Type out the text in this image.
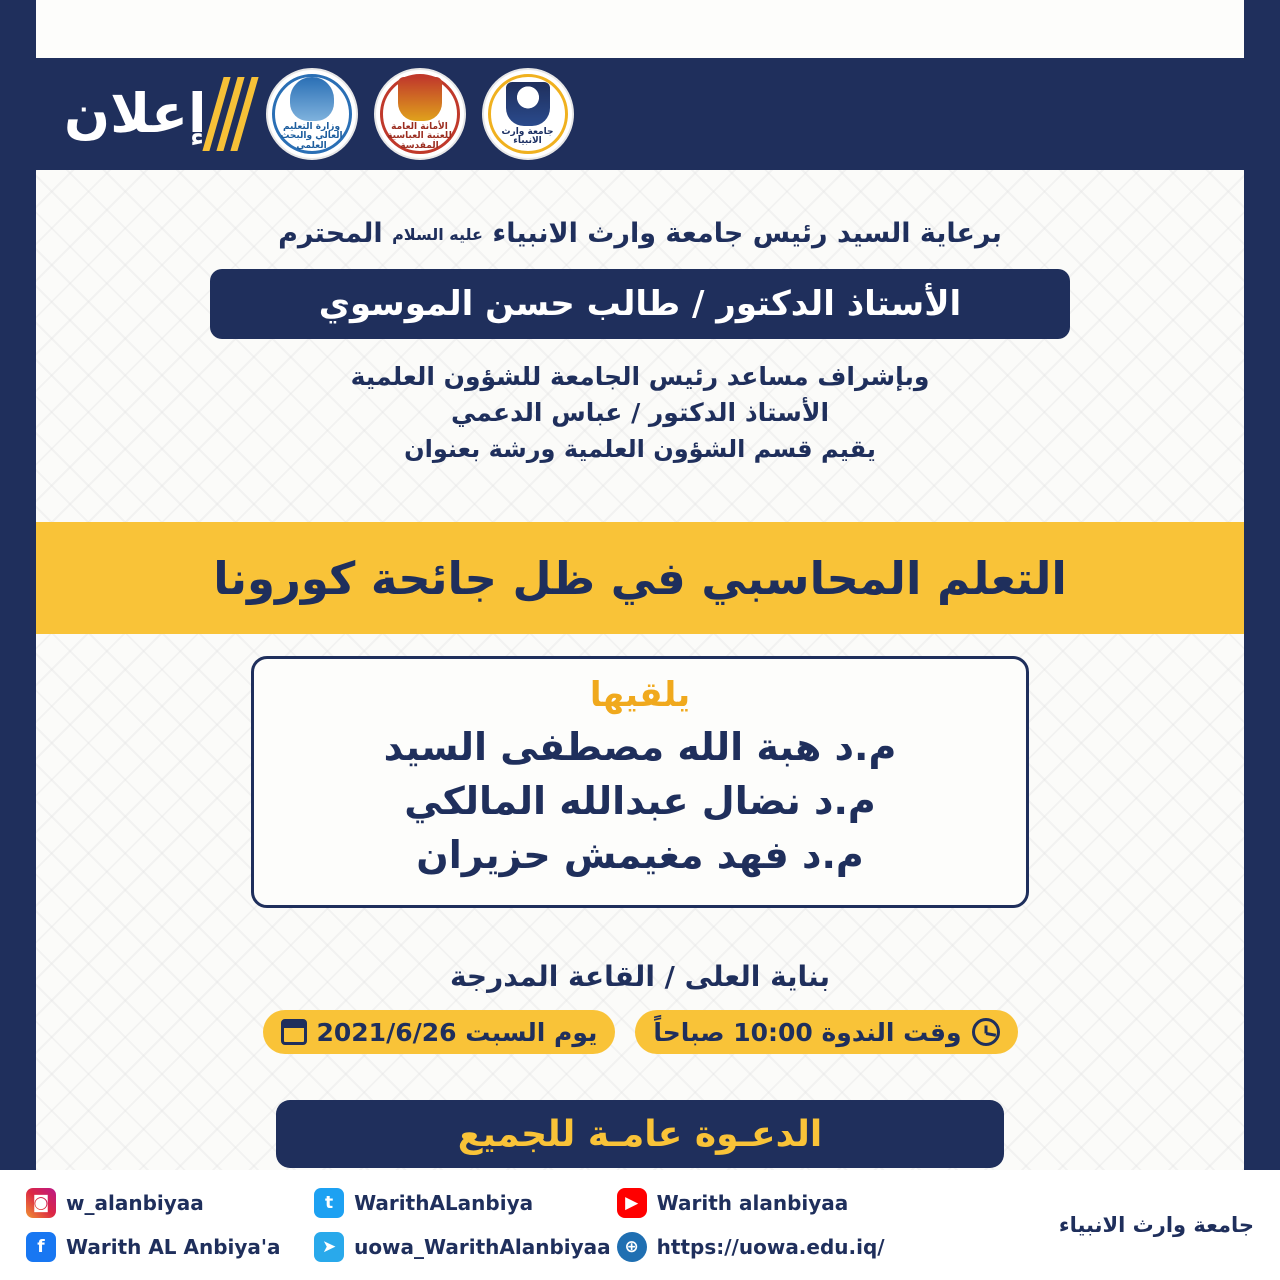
جامعة وارث الانبياء
الأمانة العامة للعتبة العباسية المقدسة
وزارة التعليم العالي والبحث العلمي
إعلان
برعاية السيد رئيس جامعة وارث الانبياء عليه السلام المحترم
الأستاذ الدكتور / طالب حسن الموسوي
وبإشراف مساعد رئيس الجامعة للشؤون العلمية
الأستاذ الدكتور / عباس الدعمي
يقيم قسم الشؤون العلمية ورشة بعنوان
التعلم المحاسبي في ظل جائحة كورونا
يلقيها
م.د هبة الله مصطفى السيد
م.د نضال عبدالله المالكي
م.د فهد مغيمش حزيران
بناية العلى / القاعة المدرجة
وقت الندوة 10:00 صباحاً
يوم السبت 2021/6/26
الدعـوة عامـة للجميع
◙ w_alanbiyaa
f	Warith AL Anbiya'a
t	WarithALanbiya
➤ uowa_WarithAlanbiyaa
▶ Warith alanbiyaa
⊕ https://uowa.edu.iq/
جامعة وارث الانبياء
